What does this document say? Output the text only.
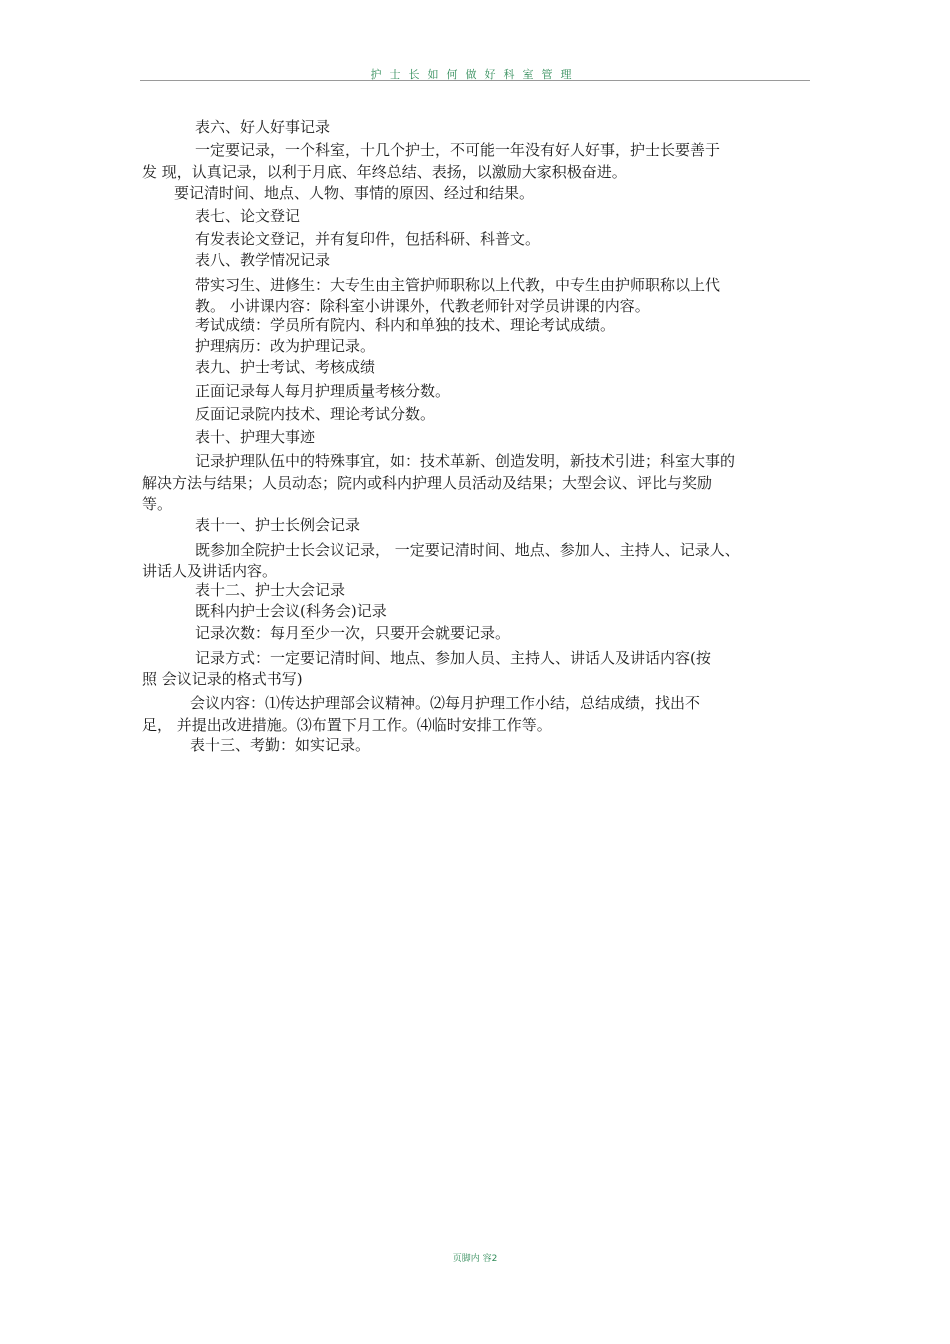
护士长如何做好科室管理
表六、好人好事记录
一定要记录，一个科室，十几个护士，不可能一年没有好人好事，护士长要善于
发 现，认真记录，以利于月底、年终总结、表扬，以激励大家积极奋进。
要记清时间、地点、人物、事情的原因、经过和结果。
表七、论文登记
有发表论文登记，并有复印件，包括科研、科普文。
表八、教学情况记录
带实习生、进修生：大专生由主管护师职称以上代教，中专生由护师职称以上代
教。 小讲课内容：除科室小讲课外，代教老师针对学员讲课的内容。
考试成绩：学员所有院内、科内和单独的技术、理论考试成绩。
护理病历：改为护理记录。
表九、护士考试、考核成绩
正面记录每人每月护理质量考核分数。
反面记录院内技术、理论考试分数。
表十、护理大事迹
记录护理队伍中的特殊事宜，如：技术革新、创造发明，新技术引进；科室大事的
解决方法与结果；人员动态；院内或科内护理人员活动及结果；大型会议、评比与奖励
等。
表十一、护士长例会记录
既参加全院护士长会议记录， 一定要记清时间、地点、参加人、主持人、记录人、
讲话人及讲话内容。
表十二、护士大会记录
既科内护士会议(科务会)记录
记录次数：每月至少一次，只要开会就要记录。
记录方式：一定要记清时间、地点、参加人员、主持人、讲话人及讲话内容(按
照 会议记录的格式书写)
会议内容：⑴传达护理部会议精神。⑵每月护理工作小结，总结成绩，找出不
足， 并提出改进措施。⑶布置下月工作。⑷临时安排工作等。
表十三、考勤：如实记录。
页脚内 容2
